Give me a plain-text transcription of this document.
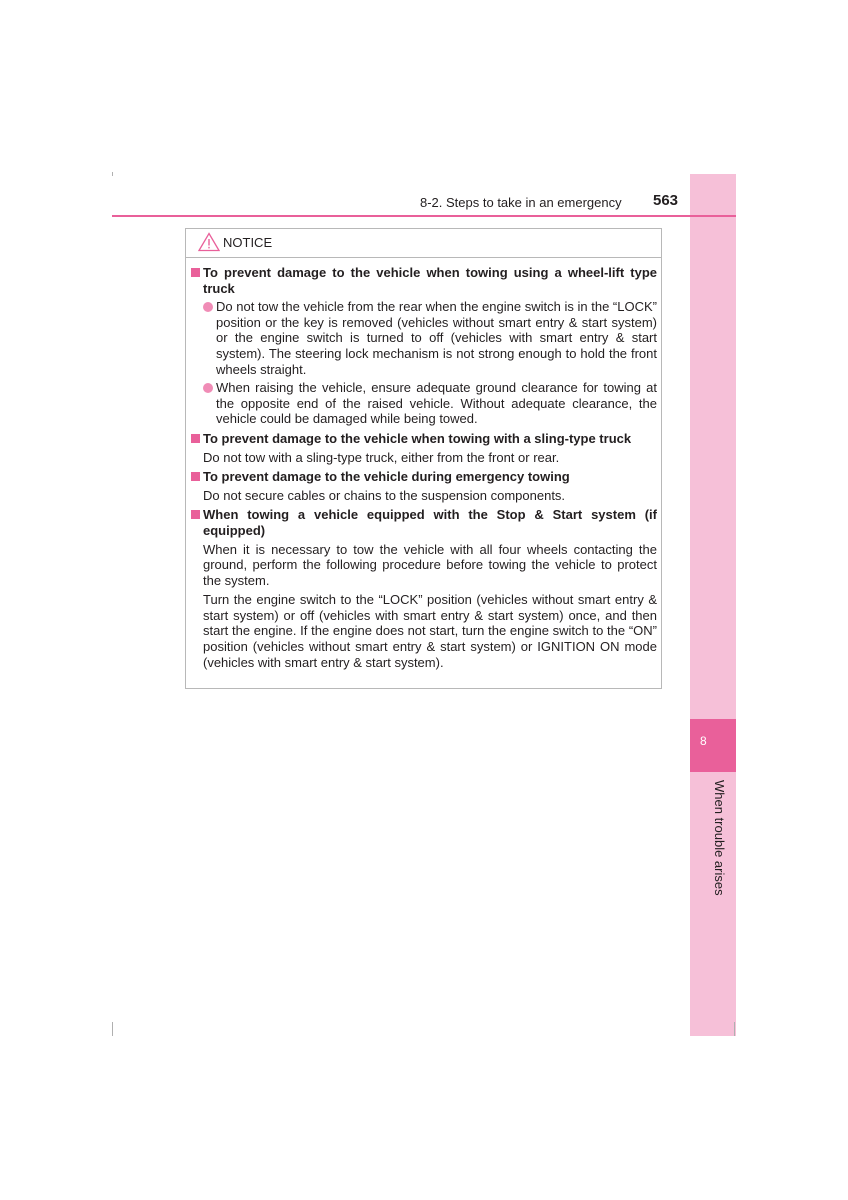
8
When trouble arises
8-2. Steps to take in an emergency 563
NOTICE
To prevent damage to the vehicle when towing using a wheel-lift type truck
Do not tow the vehicle from the rear when the engine switch is in the “LOCK” position or the key is removed (vehicles without smart entry & start system) or the engine switch is turned to off (vehicles with smart entry & start system). The steering lock mechanism is not strong enough to hold the front wheels straight.
When raising the vehicle, ensure adequate ground clearance for towing at the opposite end of the raised vehicle. Without adequate clearance, the vehicle could be damaged while being towed.
To prevent damage to the vehicle when towing with a sling-type truck
Do not tow with a sling-type truck, either from the front or rear.
To prevent damage to the vehicle during emergency towing
Do not secure cables or chains to the suspension components.
When towing a vehicle equipped with the Stop & Start system (if equipped)
When it is necessary to tow the vehicle with all four wheels contacting the ground, perform the following procedure before towing the vehicle to protect the system.
Turn the engine switch to the “LOCK” position (vehicles without smart entry & start system) or off (vehicles with smart entry & start system) once, and then start the engine. If the engine does not start, turn the engine switch to the “ON” position (vehicles without smart entry & start system) or IGNITION ON mode (vehicles with smart entry & start system).
